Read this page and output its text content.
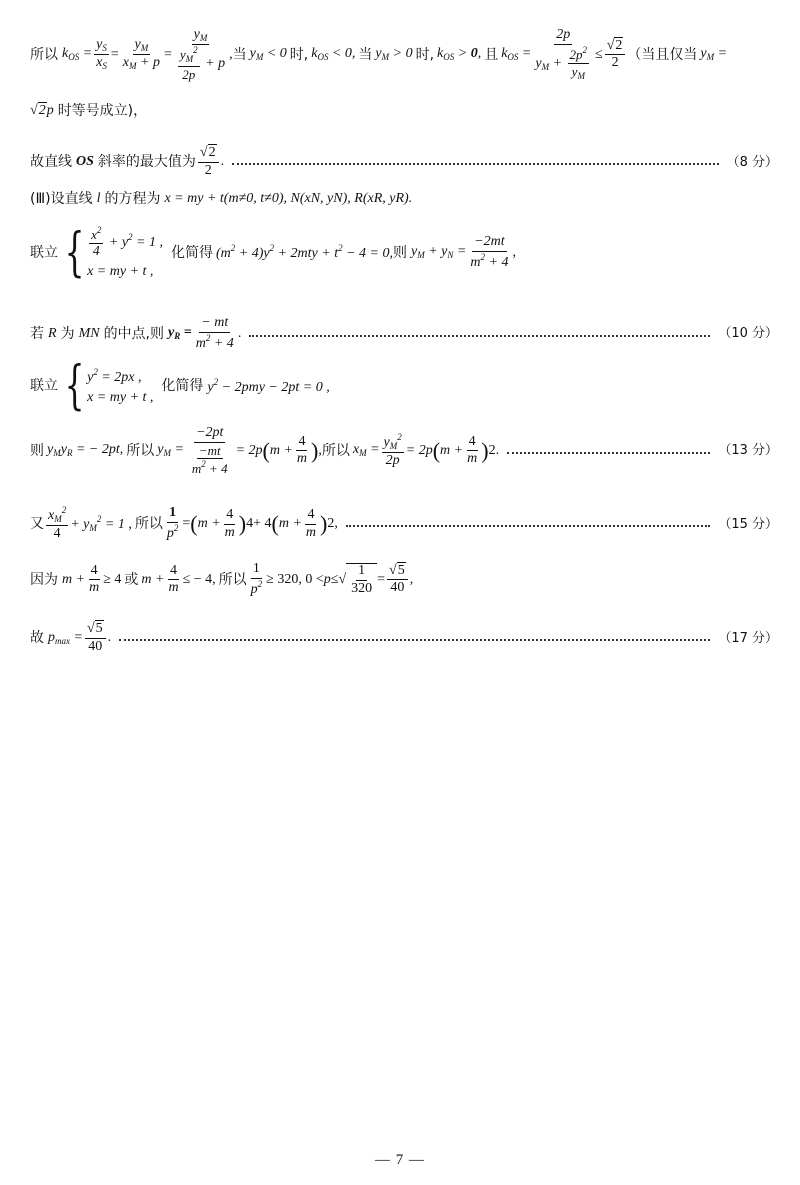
所以 $k_{OS} = \frac{y_S}{x_S} = \frac{y_M}{x_M + p} = \frac{y_M}{\frac{y_M^2}{2p} + p}$ , 当 $y_M < 0$ 时, $k_{OS} < 0$, 当 $y_M > 0$ 时, $k_{OS} > 0$, 且 $k_{OS} = \frac{2p}{y_M + \frac{2p^2}{y_M}} \le \frac{√2}{2}$ （当且仅当 $y_M$ =
√2p 时等号成立)，
故直线 OS 斜率的最大值为 $\frac{√2}{2}$ .	（8 分）
(Ⅲ)设直线 l 的方程为 x = my + t(m≠0, t≠0), N(x N , y N ), R(x R , y R ).
联立 { $\frac{x^2}{4} + y^2 = 1$ ,
x = my + t ,
化简得 $(m^2 + 4)y^2 + 2mty + t^2 - 4 = 0$, 则 $y_M + y_N = \frac{-2mt}{m^2 + 4}$ ,
若 R 为 MN 的中点,则 $y_R = \frac{- mt}{m^2 + 4}$ .	（10 分）
联立 { $y^2 = 2px$ ,
x = my + t ,
化简得 $y^2 - 2pmy - 2pt = 0$ ,
则 $y_My_R$ = − 2pt, 所以 $y_M = \frac{-2pt}{\frac{-mt}{m^2 + 4}} = 2p$ ( $m + \frac{4}{m}$ ) , 所以 $x_M = \frac{y_M^2}{2p} = 2p$ ( $m + \frac{4}{m}$ ) 2 .	（13 分）
又 $\frac{x_M^2}{4} + y_M^2 = 1$ , 所以 $\frac{1}{p^2}$ = ( $m + \frac{4}{m}$ ) 4 + 4 ( $m + \frac{4}{m}$ ) 2 ,	（15 分）
因为 $m + \frac{4}{m} \ge 4$ 或 $m + \frac{4}{m}$ ≤ − 4, 所以 $\frac{1}{p^2} \ge 320$, 0 < p ≤ √ $\frac{1}{320} = \frac{√5}{40}$ ,
故 $p_{max} = \frac{√5}{40}$ .	（17 分）
— 7 —
